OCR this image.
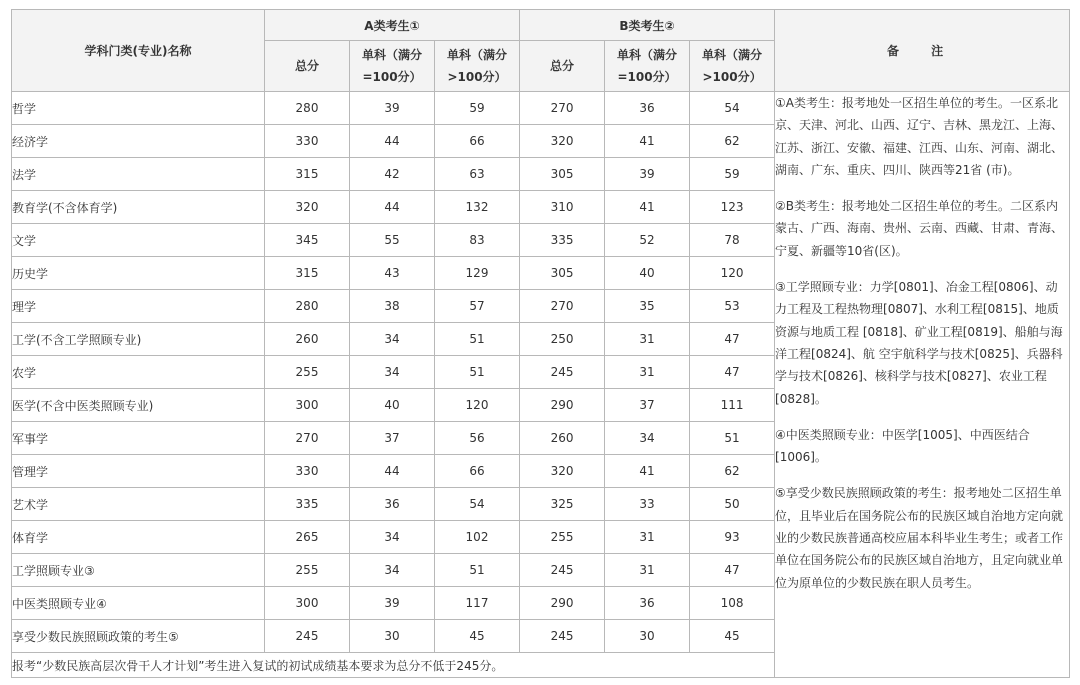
学科门类(专业)名称	A类考生①			B类考生②			备 注
	总分	单科（满分=100分）	单科（满分>100分）	总分	单科（满分=100分）	单科（满分>100分）	
哲学	280	39	59	270	36	54	①A类考生：报考地处一区招生单位的考生。一区系北京、天津、河北、山西、辽宁、吉林、黑龙江、上海、江苏、浙江、安徽、福建、江西、山东、河南、湖北、湖南、广东、重庆、四川、陕西等21省 (市)。
②B类考生：报考地处二区招生单位的考生。二区系内蒙古、广西、海南、贵州、云南、西藏、甘肃、青海、宁夏、新疆等10省(区)。
③工学照顾专业：力学[0801]、冶金工程[0806]、动力工程及工程热物理[0807]、水利工程[0815]、地质资源与地质工程 [0818]、矿业工程[0819]、船舶与海洋工程[0824]、航 空宇航科学与技术[0825]、兵器科学与技术[0826]、核科学与技术[0827]、农业工程[0828]。
④中医类照顾专业：中医学[1005]、中西医结合[1006]。
⑤享受少数民族照顾政策的考生：报考地处二区招生单位，且毕业后在国务院公布的民族区域自治地方定向就业的少数民族普通高校应届本科毕业生考生；或者工作单位在国务院公布的民族区域自治地方，且定向就业单位为原单位的少数民族在职人员考生。

经济学	330	44	66	320	41	62	
法学	315	42	63	305	39	59	
教育学(不含体育学)	320	44	132	310	41	123	
文学	345	55	83	335	52	78	
历史学	315	43	129	305	40	120	
理学	280	38	57	270	35	53	
工学(不含工学照顾专业)	260	34	51	250	31	47	
农学	255	34	51	245	31	47	
医学(不含中医类照顾专业)	300	40	120	290	37	111	
军事学	270	37	56	260	34	51	
管理学	330	44	66	320	41	62	
艺术学	335	36	54	325	33	50	
体育学	265	34	102	255	31	93	
工学照顾专业③	255	34	51	245	31	47	
中医类照顾专业④	300	39	117	290	36	108	
享受少数民族照顾政策的考生⑤	245	30	45	245	30	45	
报考“少数民族高层次骨干人才计划”考生进入复试的初试成绩基本要求为总分不低于245分。							
